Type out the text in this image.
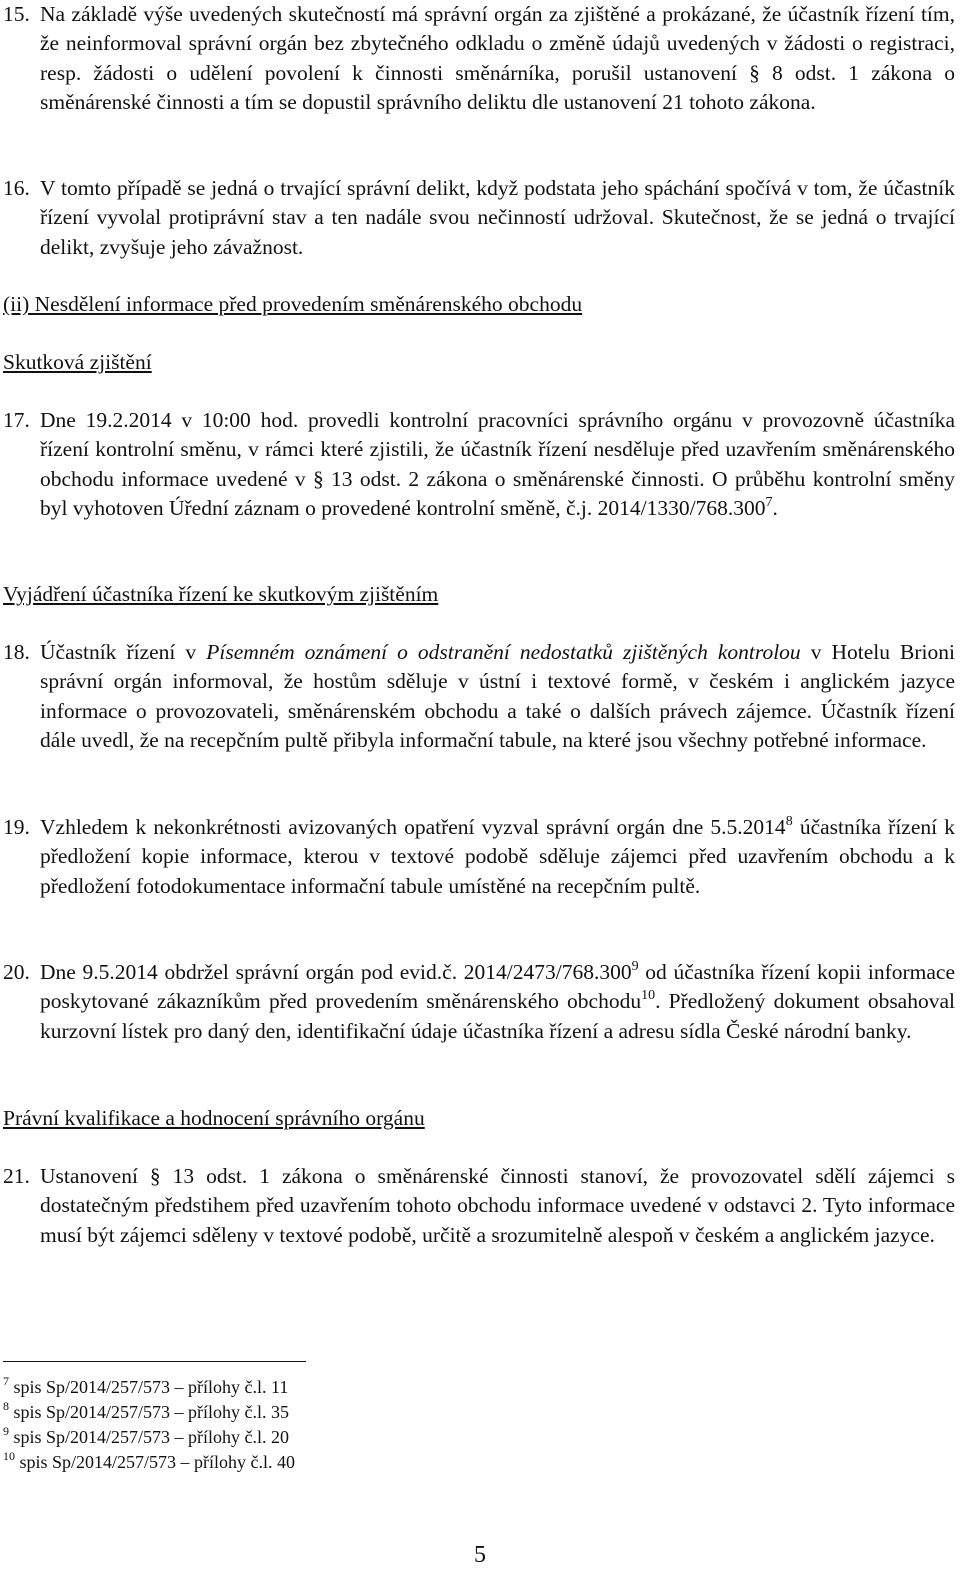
15. Na základě výše uvedených skutečností má správní orgán za zjištěné a prokázané, že účastník řízení tím, že neinformoval správní orgán bez zbytečného odkladu o změně údajů uvedených v žádosti o registraci, resp. žádosti o udělení povolení k činnosti směnárníka, porušil ustanovení § 8 odst. 1 zákona o směnárenské činnosti a tím se dopustil správního deliktu dle ustanovení 21 tohoto zákona.
16. V tomto případě se jedná o trvající správní delikt, když podstata jeho spáchání spočívá v tom, že účastník řízení vyvolal protiprávní stav a ten nadále svou nečinností udržoval. Skutečnost, že se jedná o trvající delikt, zvyšuje jeho závažnost.
(ii) Nesdělení informace před provedením směnárenského obchodu
Skutková zjištění
17. Dne 19.2.2014 v 10:00 hod. provedli kontrolní pracovníci správního orgánu v provozovně účastníka řízení kontrolní směnu, v rámci které zjistili, že účastník řízení nesděluje před uzavřením směnárenského obchodu informace uvedené v § 13 odst. 2 zákona o směnárenské činnosti. O průběhu kontrolní směny byl vyhotoven Úřední záznam o provedené kontrolní směně, č.j. 2014/1330/768.300$^7$.
Vyjádření účastníka řízení ke skutkovým zjištěním
18. Účastník řízení v Písemném oznámení o odstranění nedostatků zjištěných kontrolou v Hotelu Brioni správní orgán informoval, že hostům sděluje v ústní i textové formě, v českém i anglickém jazyce informace o provozovateli, směnárenském obchodu a také o dalších právech zájemce. Účastník řízení dále uvedl, že na recepčním pultě přibyla informační tabule, na které jsou všechny potřebné informace.
19. Vzhledem k nekonkrétnosti avizovaných opatření vyzval správní orgán dne 5.5.2014$^8$ účastníka řízení k předložení kopie informace, kterou v textové podobě sděluje zájemci před uzavřením obchodu a k předložení fotodokumentace informační tabule umístěné na recepčním pultě.
20. Dne 9.5.2014 obdržel správní orgán pod evid.č. 2014/2473/768.300$^9$ od účastníka řízení kopii informace poskytované zákazníkům před provedením směnárenského obchodu$^{10}$. Předložený dokument obsahoval kurzovní lístek pro daný den, identifikační údaje účastníka řízení a adresu sídla České národní banky.
Právní kvalifikace a hodnocení správního orgánu
21. Ustanovení § 13 odst. 1 zákona o směnárenské činnosti stanoví, že provozovatel sdělí zájemci s dostatečným předstihem před uzavřením tohoto obchodu informace uvedené v odstavci 2. Tyto informace musí být zájemci sděleny v textové podobě, určitě a srozumitelně alespoň v českém a anglickém jazyce.
$^7$ spis Sp/2014/257/573 – přílohy č.l. 11
$^8$ spis Sp/2014/257/573 – přílohy č.l. 35
$^9$ spis Sp/2014/257/573 – přílohy č.l. 20
$^{10}$ spis Sp/2014/257/573 – přílohy č.l. 40
5
